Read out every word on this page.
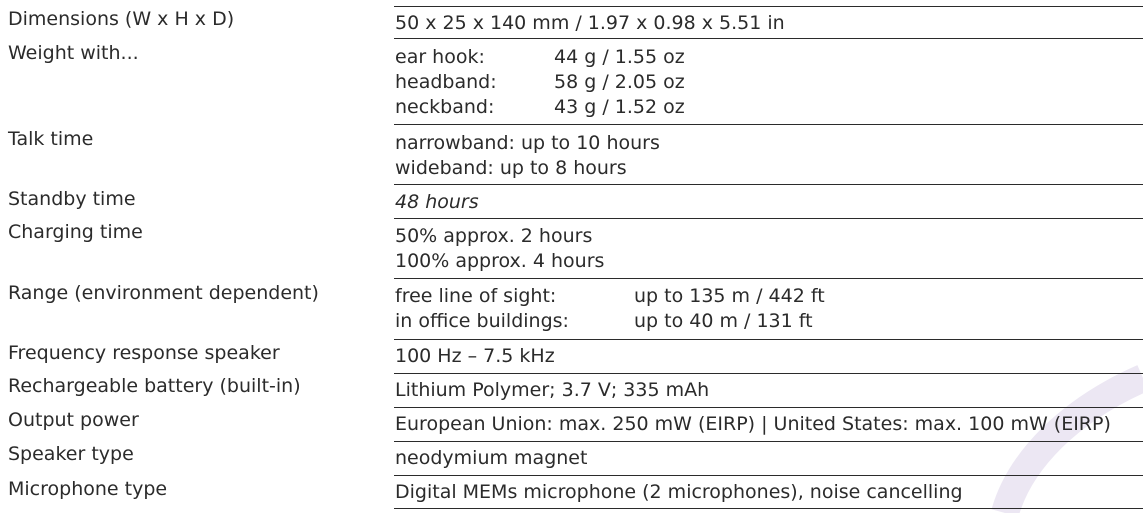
Dimensions (W x H x D)	50 x 25 x 140 mm / 1.97 x 0.98 x 5.51 in
Weight with...	ear hook:	44 g / 1.55 oz
headband:	58 g / 2.05 oz
neckband:	43 g / 1.52 oz
Talk time	narrowband: up to 10 hours
wideband: up to 8 hours
Standby time	48 hours
Charging time	50% approx. 2 hours
100% approx. 4 hours
Range (environment dependent)	free line of sight:	up to 135 m / 442 ft
in office buildings:	up to 40 m / 131 ft
Frequency response speaker	100 Hz – 7.5 kHz
Rechargeable battery (built-in)	Lithium Polymer; 3.7 V; 335 mAh
Output power	European Union: max. 250 mW (EIRP) | United States: max. 100 mW (EIRP)
Speaker type	neodymium magnet
Microphone type	Digital MEMs microphone (2 microphones), noise cancelling
